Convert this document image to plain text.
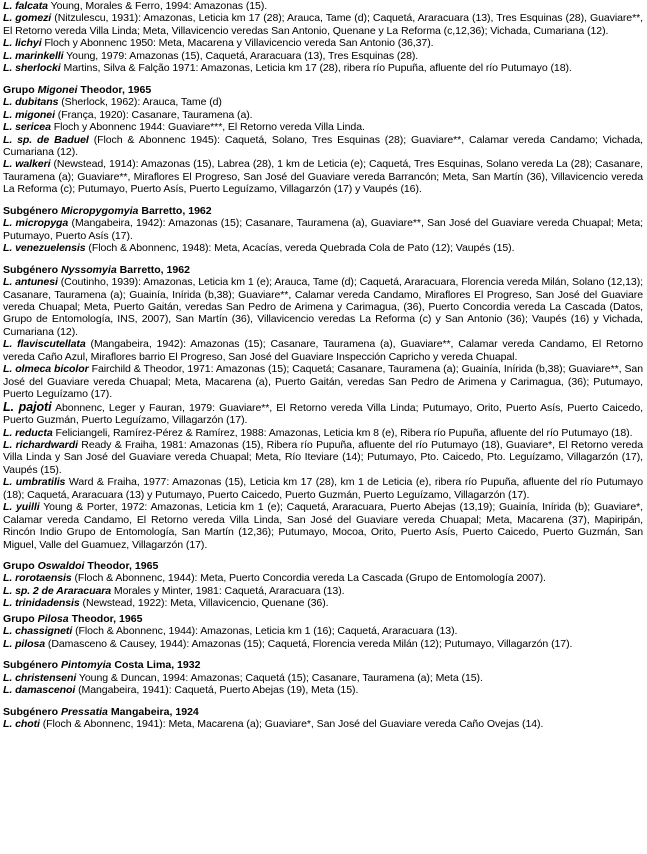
L. falcata Young, Morales & Ferro, 1994: Amazonas (15).

L. gomezi (Nitzulescu, 1931): Amazonas, Leticia km 17 (28); Arauca, Tame (d); Caquetá, Araracuara (13), Tres Esquinas (28), Guaviare**, El Retorno vereda Villa Linda; Meta, Villavicencio veredas San Antonio, Quenane y La Reforma (c,12,36); Vichada, Cumariana (12).

L. lichyi Floch y Abonnenc 1950: Meta, Macarena y Villavicencio vereda San Antonio (36,37).

L. marinkelli Young, 1979: Amazonas (15), Caquetá, Araracuara (13), Tres Esquinas (28).

L. sherlocki Martins, Silva & Falção 1971: Amazonas, Leticia km 17 (28), ribera río Pupuña, afluente del río Putumayo (18).

Grupo Migonei Theodor, 1965

L. dubitans (Sherlock, 1962): Arauca, Tame (d)

L. migonei (França, 1920): Casanare, Tauramena (a).

L. sericea Floch y Abonnenc 1944: Guaviare***, El Retorno vereda Villa Linda.

L. sp. de Baduel (Floch & Abonnenc 1945): Caquetá, Solano, Tres Esquinas (28); Guaviare**, Calamar vereda Candamo; Vichada, Cumariana (12).

L. walkeri (Newstead, 1914): Amazonas (15), Labrea (28), 1 km de Leticia (e); Caquetá, Tres Esquinas, Solano vereda La (28); Casanare, Tauramena (a); Guaviare**, Miraflores El Progreso, San José del Guaviare vereda Barrancón; Meta, San Martín (36), Villavicencio vereda La Reforma (c); Putumayo, Puerto Asís, Puerto Leguízamo, Villagarzón (17) y Vaupés (16).

Subgénero Micropygomyia Barretto, 1962

L. micropyga (Mangabeira, 1942): Amazonas (15); Casanare, Tauramena (a), Guaviare**, San José del Guaviare vereda Chuapal; Meta; Putumayo, Puerto Asís (17).

L. venezuelensis (Floch & Abonnenc, 1948): Meta, Acacías, vereda Quebrada Cola de Pato (12); Vaupés (15).

Subgénero Nyssomyia Barretto, 1962

L. antunesi (Coutinho, 1939): Amazonas, Leticia km 1 (e); Arauca, Tame (d); Caquetá, Araracuara, Florencia vereda Milán, Solano (12,13); Casanare, Tauramena (a); Guainía, Inírida (b,38); Guaviare**, Calamar vereda Candamo, Miraflores El Progreso, San José del Guaviare vereda Chuapal; Meta, Puerto Gaitán, veredas San Pedro de Arimena y Carimagua, (36), Puerto Concordia vereda La Cascada (Datos, Grupo de Entomología, INS, 2007), San Martín (36), Villavicencio veredas La Reforma (c) y San Antonio (36); Vaupés (16) y Vichada, Cumariana (12).

L. flaviscutellata (Mangabeira, 1942): Amazonas (15); Casanare, Tauramena (a), Guaviare**, Calamar vereda Candamo, El Retorno vereda Caño Azul, Miraflores barrio El Progreso, San José del Guaviare Inspección Caprichо y vereda Chuapal.

L. olmeca bicolor Fairchild & Theodor, 1971: Amazonas (15); Caquetá; Casanare, Tauramena (a); Guainía, Inírida (b,38); Guaviare**, San José del Guaviare vereda Chuapal; Meta, Macarena (a), Puerto Gaitán, veredas San Pedro de Arimena y Carimagua, (36); Putumayo, Puerto Leguízamo (17).

L. pajoti Abonnenc, Leger y Fauran, 1979: Guaviare**, El Retorno vereda Villa Linda; Putumayo, Orito, Puerto Asís, Puerto Caicedo, Puerto Guzmán, Puerto Leguízamo, Villagarzón (17).

L. reducta Feliciangeli, Ramírez-Pérez & Ramírez, 1988: Amazonas, Leticia km 8 (e), Ribera río Pupuña, afluente del río Putumayo (18).

L. richardwardi Ready & Fraiha, 1981: Amazonas (15), Ribera río Pupuña, afluente del río Putumayo (18), Guaviare*, El Retorno vereda Villa Linda y San José del Guaviare vereda Chuapal; Meta, Río Iteviare (14); Putumayo, Pto. Caicedo, Pto. Leguízamo, Villagarzón (17), Vaupés (15).

L. umbratilis Ward & Fraiha, 1977: Amazonas (15), Leticia km 17 (28), km 1 de Leticia (e), ribera río Pupuña, afluente del río Putumayo (18); Caquetá, Araracuara (13) y Putumayo, Puerto Caicedo, Puerto Guzmán, Puerto Leguízamo, Villagarzón (17).

L. yuilli Young & Porter, 1972: Amazonas, Leticia km 1 (e); Caquetá, Araracuara, Puerto Abejas (13,19); Guainía, Inírida (b); Guaviare*, Calamar vereda Candamo, El Retorno vereda Villa Linda, San José del Guaviare vereda Chuapal; Meta, Macarena (37), Mapiripán, Rincón Indio Grupo de Entomología, San Martín (12,36); Putumayo, Mocoa, Orito, Puerto Asís, Puerto Caicedo, Puerto Guzmán, San Miguel, Valle del Guamuez, Villagarzón (17).

Grupo Oswaldoi Theodor, 1965

L. rorotaensis (Floch & Abonnenc, 1944): Meta, Puerto Concordia vereda La Cascada (Grupo de Entomología 2007).

L. sp. 2 de Araracuara Morales y Minter, 1981: Caquetá, Araracuara (13).

L. trinidadensis (Newstead, 1922): Meta, Villavicencio, Quenane (36).

Grupo Pilosa Theodor, 1965

L. chassigneti (Floch & Abonnenc, 1944): Amazonas, Leticia km 1 (16); Caquetá, Araracuara (13).

L. pilosa (Damasceno & Causey, 1944): Amazonas (15); Caquetá, Florencia vereda Milán (12); Putumayo, Villagarzón (17).

Subgénero Pintomyia Costa Lima, 1932

L. christenseni Young & Duncan, 1994: Amazonas; Caquetá (15); Casanare, Tauramena (a); Meta (15).

L. damascenoi (Mangabeira, 1941): Caquetá, Puerto Abejas (19), Meta (15).

Subgénero Pressatia Mangabeira, 1924

L. choti (Floch & Abonnenc, 1941): Meta, Macarena (a); Guaviare*, San José del Guaviare vereda Caño Ovejas (14).
